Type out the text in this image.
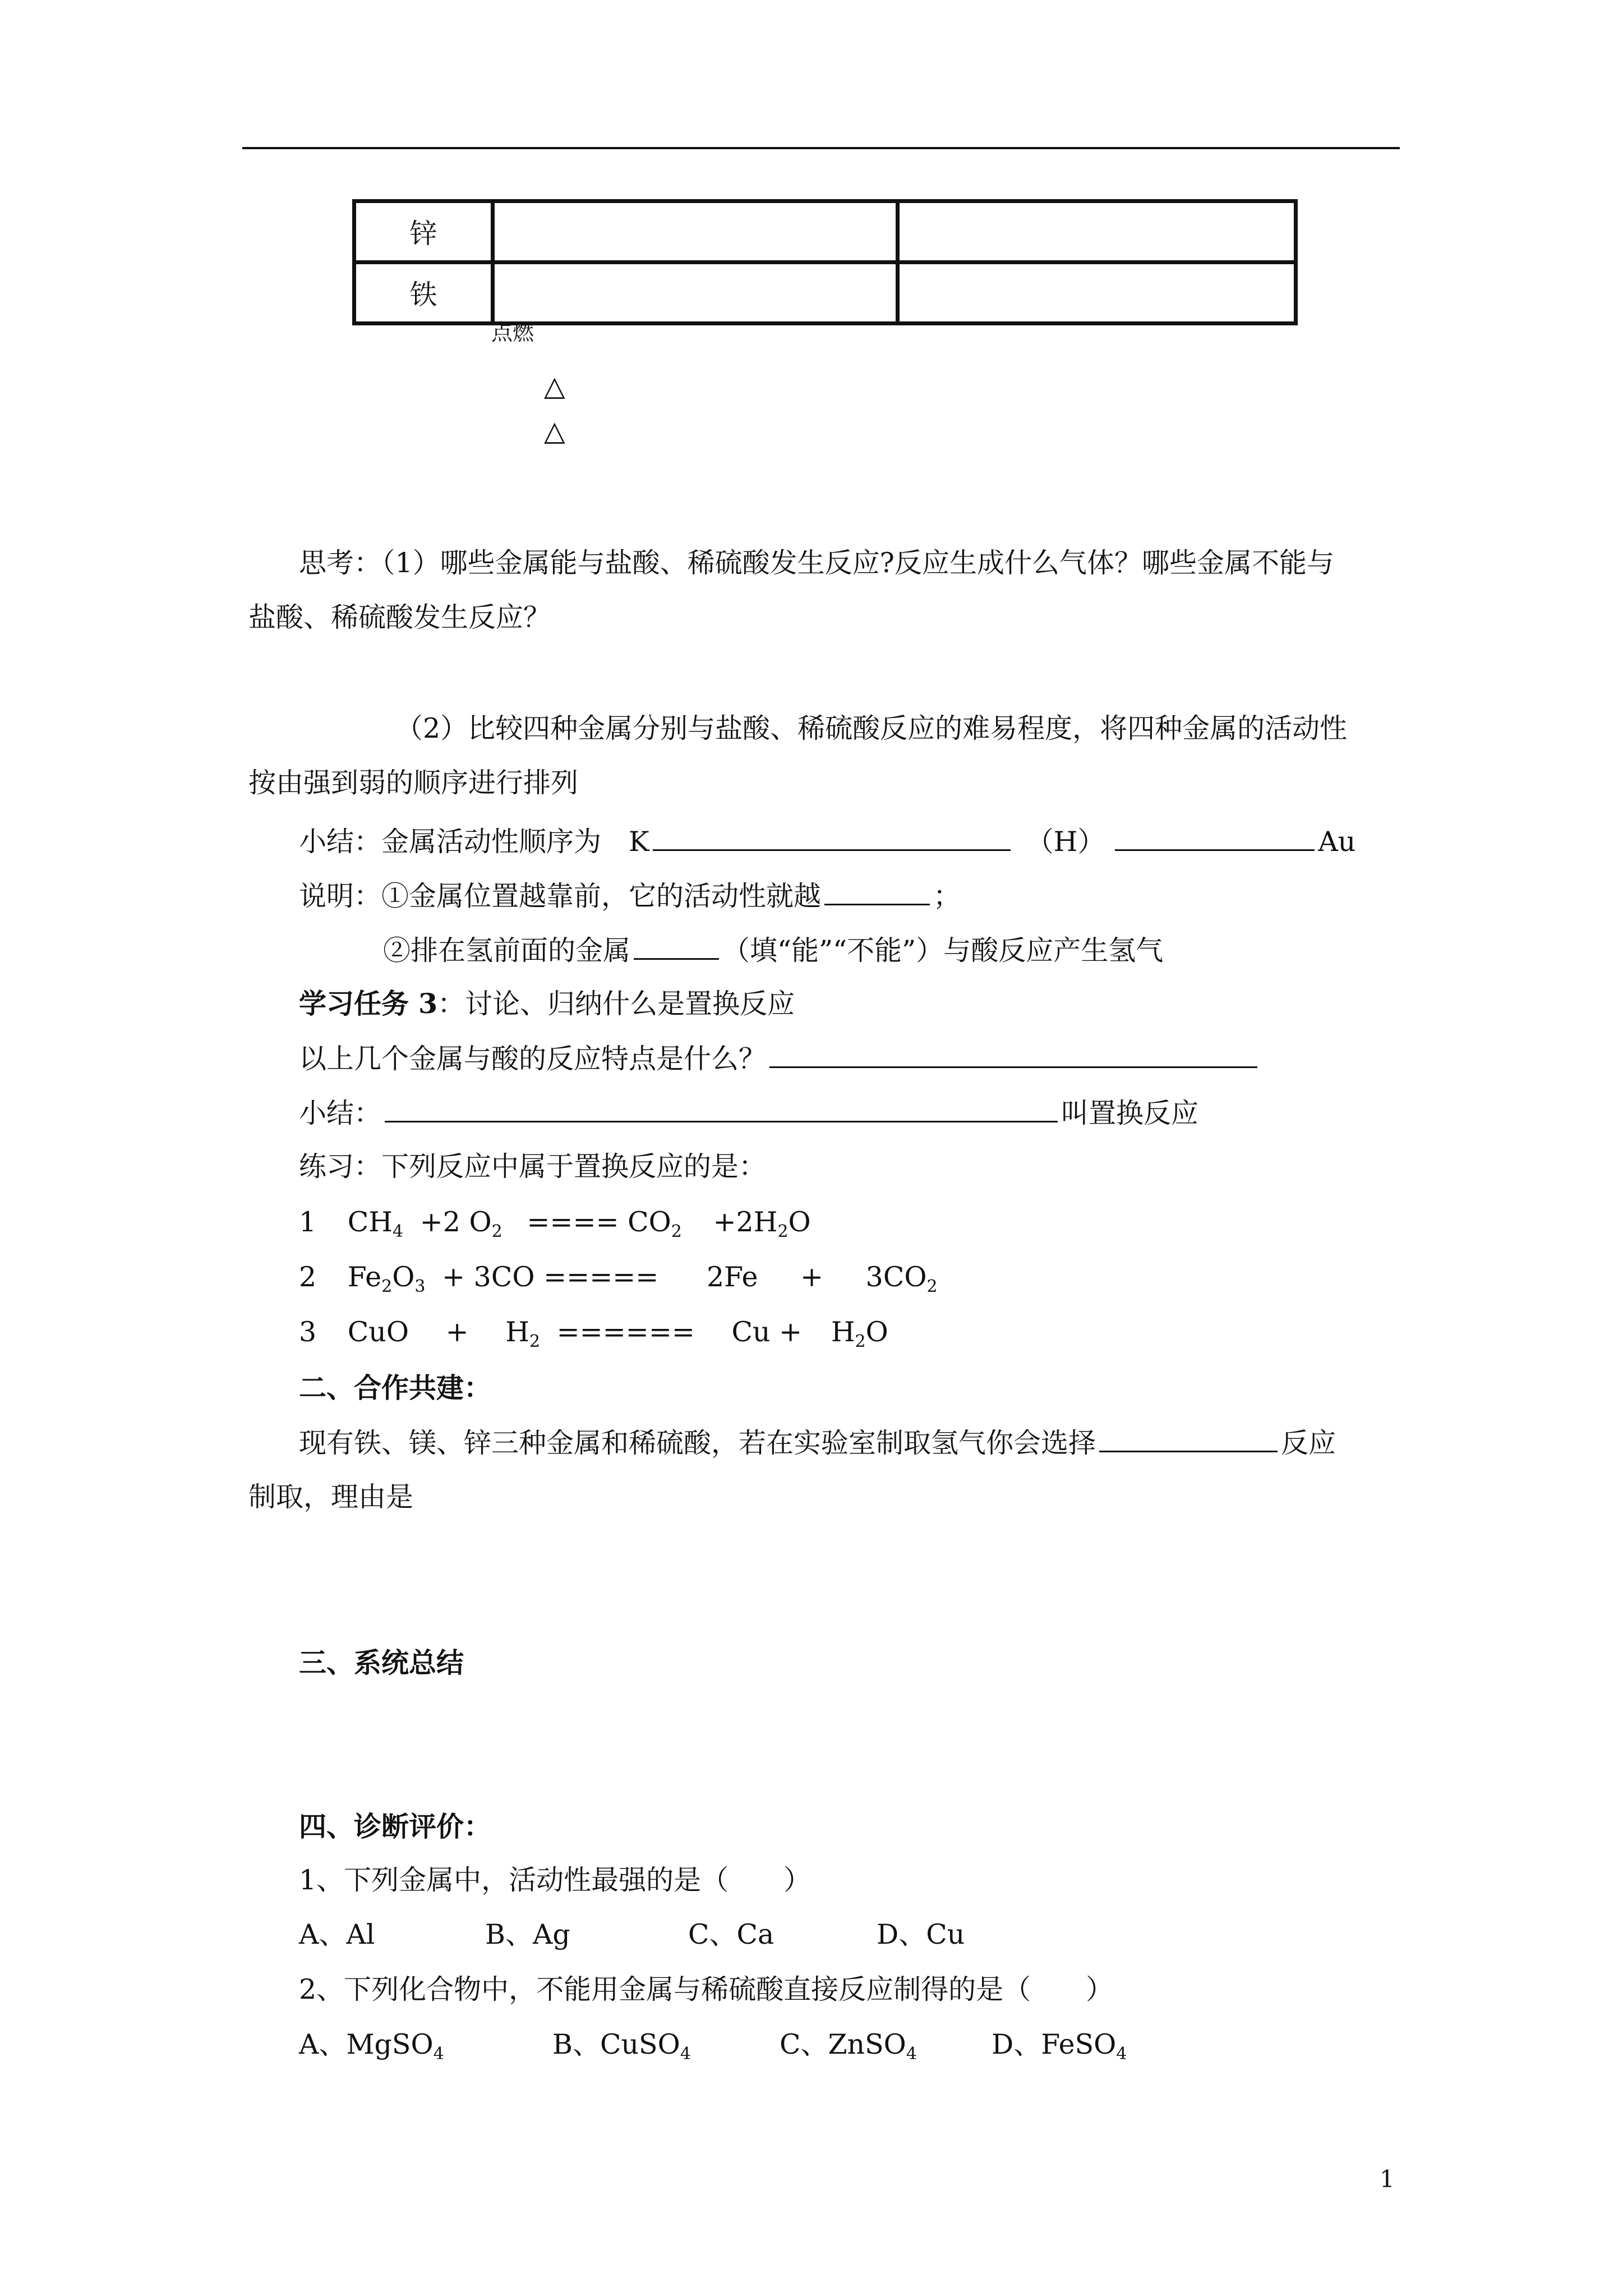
锌		
铁		
点燃
△
△
思考：（1）哪些金属能与盐酸、稀硫酸发生反应?反应生成什么气体？哪些金属不能与
盐酸、稀硫酸发生反应？
（2）比较四种金属分别与盐酸、稀硫酸反应的难易程度，将四种金属的活动性
按由强到弱的顺序进行排列
小结：金属活动性顺序为　K	（H）	Au
说明：①金属位置越靠前，它的活动性就越	；
②排在氢前面的金属	（填“能”“不能”）与酸反应产生氢气
学习任务 3：讨论、归纳什么是置换反应
以上几个金属与酸的反应特点是什么？
小结：	叫置换反应
练习：下列反应中属于置换反应的是：
1 $CH_4 +2$ $O_2$ ==== $CO_2 +2H_2O$
2 $Fe_2O_3 + 3CO$ ===== $2Fe + 3CO_2$
3 CuO + $H_2$ ====== $Cu + H_2O$
二、合作共建：
现有铁、镁、锌三种金属和稀硫酸，若在实验室制取氢气你会选择	反应
制取，理由是
三、系统总结
四、诊断评价：
1、下列金属中，活动性最强的是（　　）
A、Al	B、Ag	C、Ca	D、Cu
2、下列化合物中，不能用金属与稀硫酸直接反应制得的是（　　）
A、MgSO$_4$	B、CuSO$_4$	C、ZnSO$_4$	D、FeSO$_4$
1
